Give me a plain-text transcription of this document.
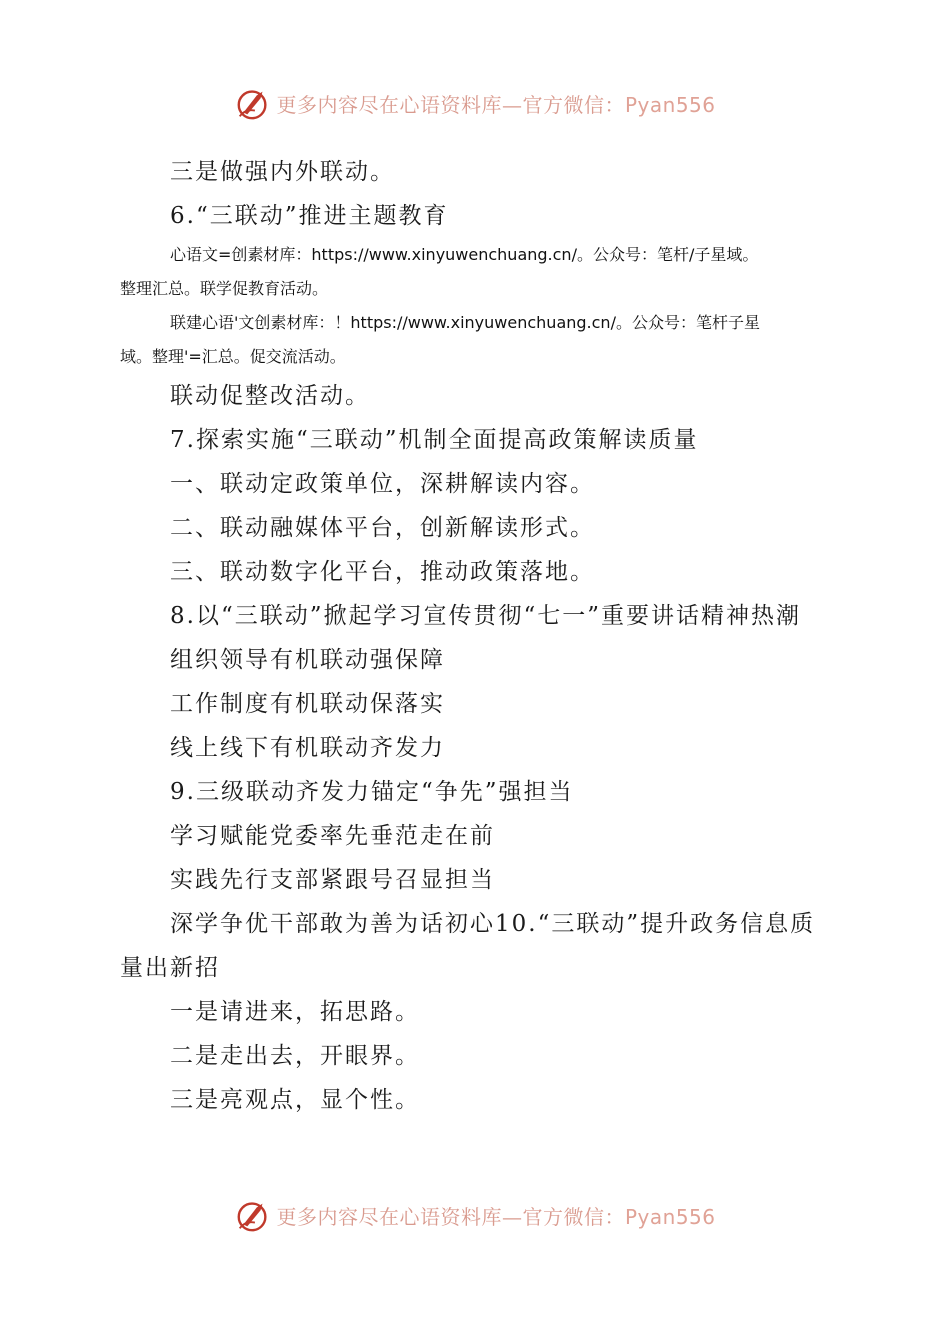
更多内容尽在心语资料库—官方微信：Pyan556

三是做强内外联动。

6.“三联动”推进主题教育

心语文=创素材库：https://www.xinyuwenchuang.cn/。公众号：笔杆/子星域。
整理汇总。联学促教育活动。

联建心语'文创素材库：！https://www.xinyuwenchuang.cn/。公众号：笔杆子星
域。整理'=汇总。促交流活动。

联动促整改活动。

7.探索实施“三联动”机制全面提高政策解读质量

一、联动定政策单位，深耕解读内容。

二、联动融媒体平台，创新解读形式。

三、联动数字化平台，推动政策落地。

8.以“三联动”掀起学习宣传贯彻“七一”重要讲话精神热潮

组织领导有机联动强保障

工作制度有机联动保落实

线上线下有机联动齐发力

9.三级联动齐发力锚定“争先”强担当

学习赋能党委率先垂范走在前

实践先行支部紧跟号召显担当

深学争优干部敢为善为话初心10.“三联动”提升政务信息质量出新招

一是请进来，拓思路。

二是走出去，开眼界。

三是亮观点，显个性。

更多内容尽在心语资料库—官方微信：Pyan556
